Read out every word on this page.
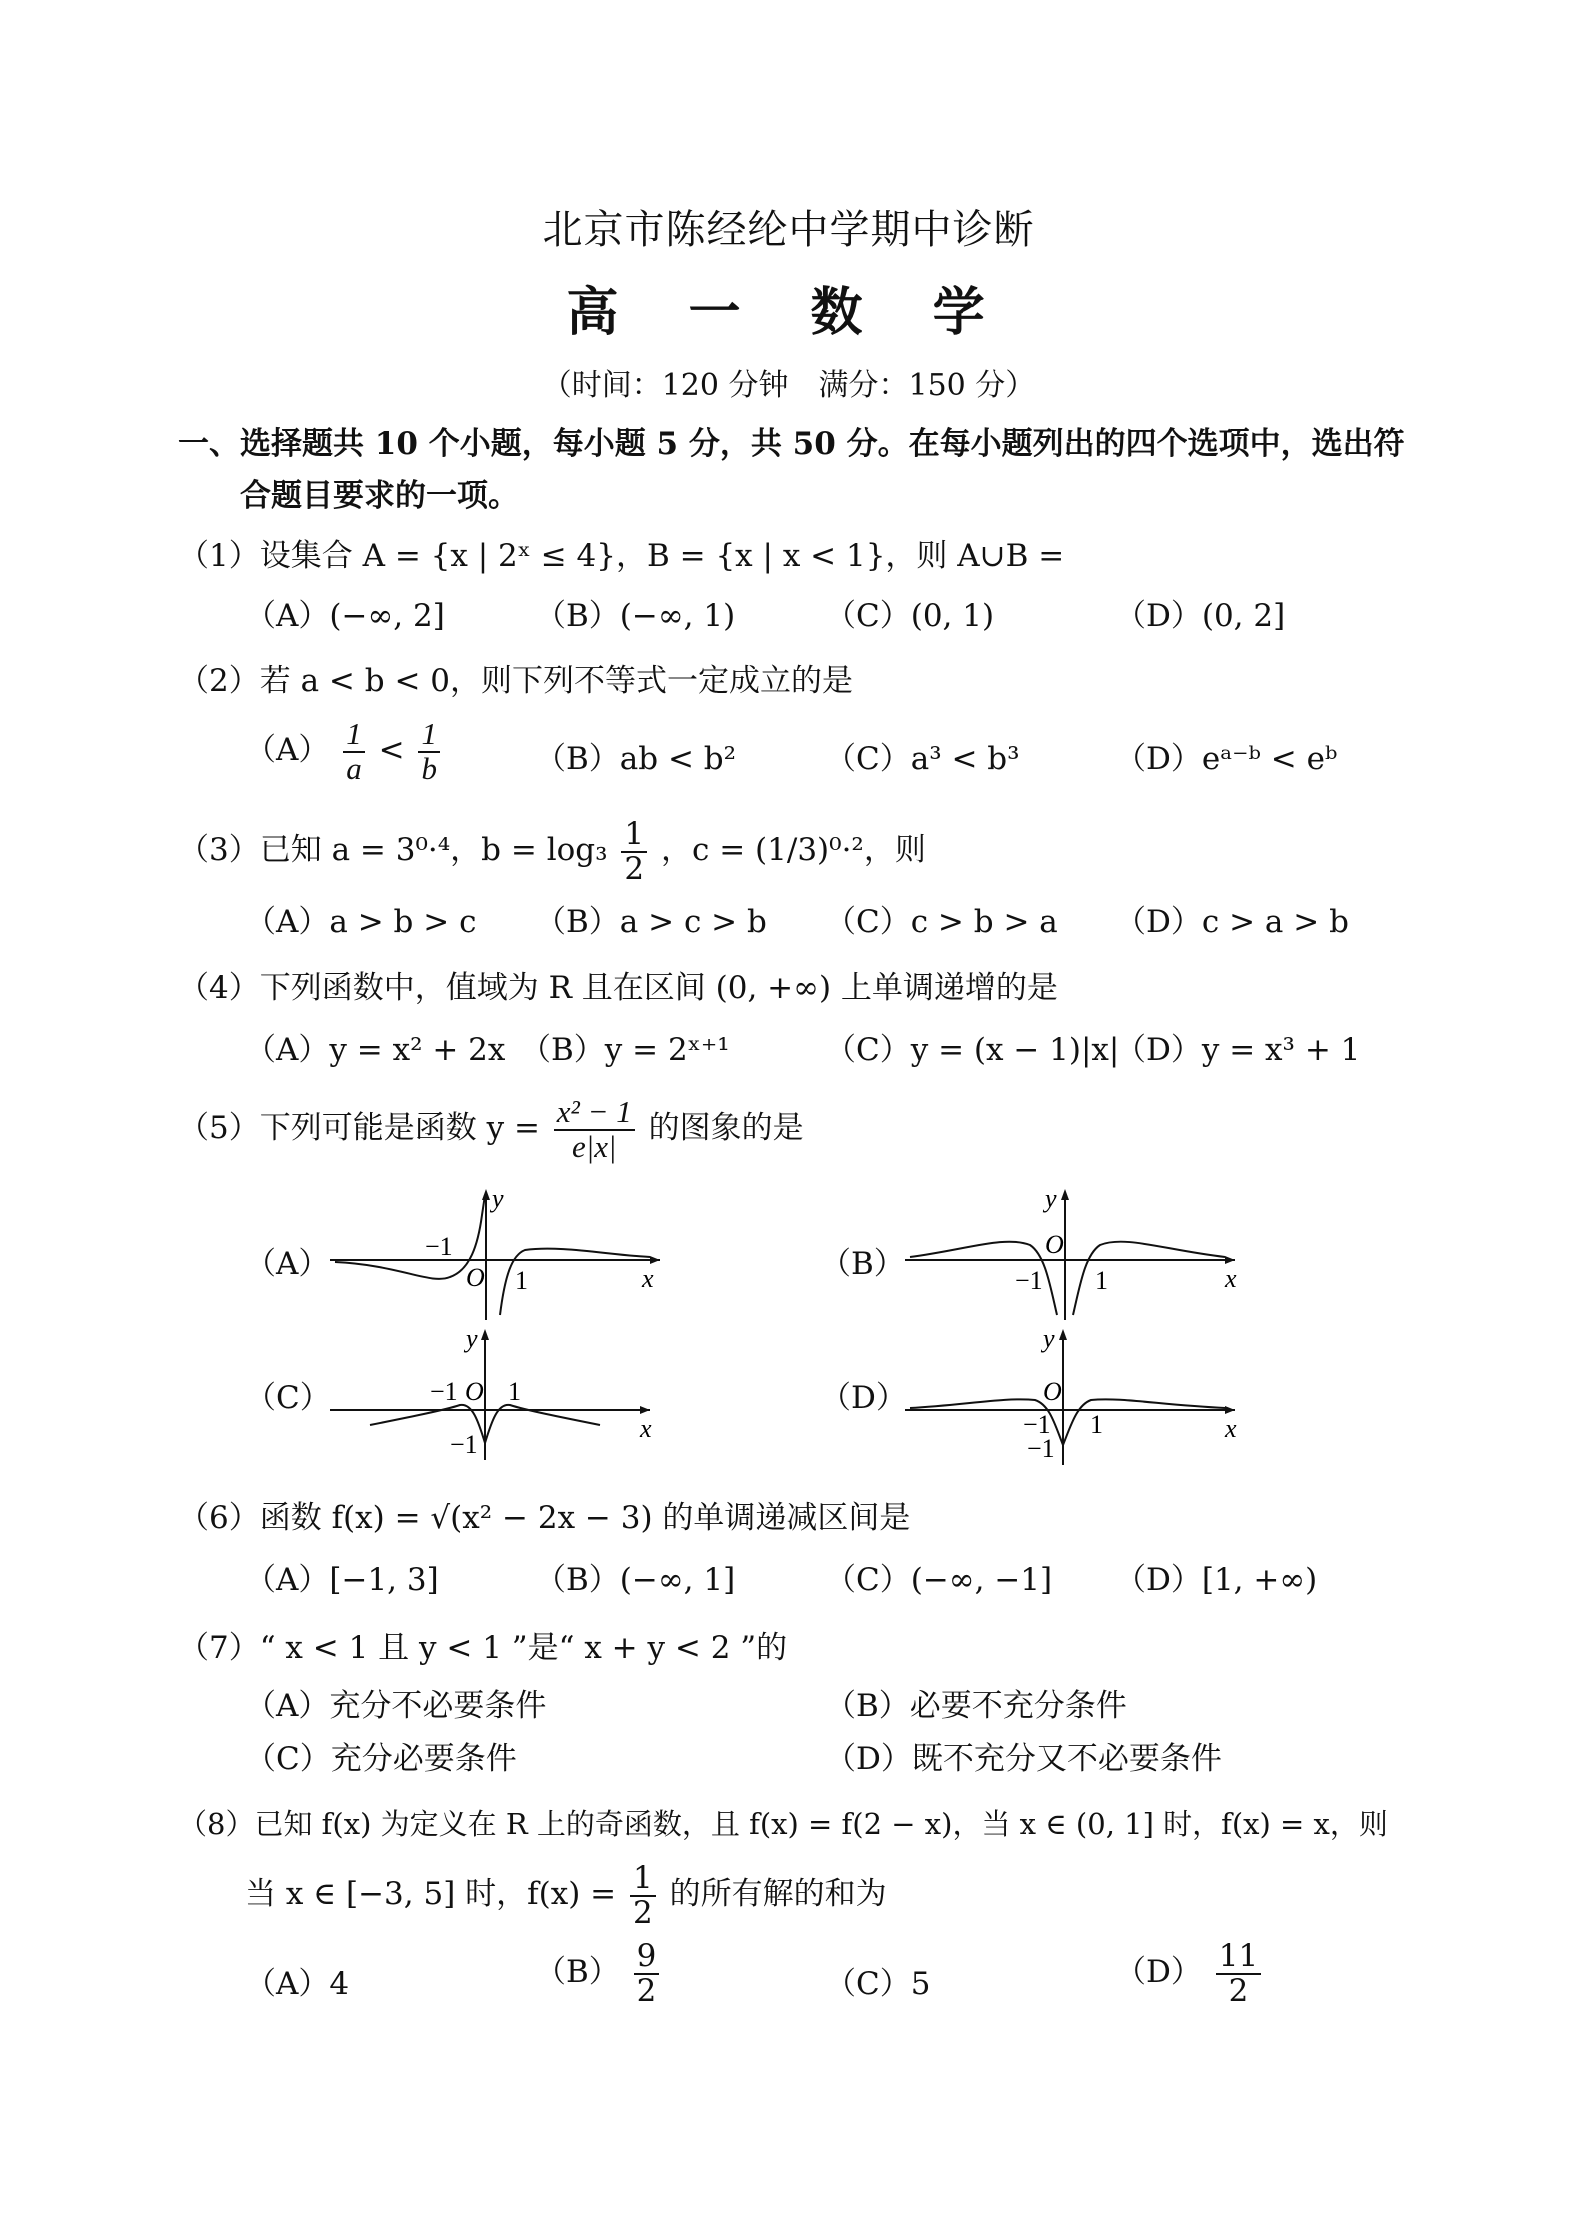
北京市陈经纶中学期中诊断
高 一 数 学
（时间：120 分钟　满分：150 分）
一、选择题共 10 个小题，每小题 5 分，共 50 分。在每小题列出的四个选项中，选出符
合题目要求的一项。
（1）设集合 A = {x | 2ˣ ≤ 4}，B = {x | x < 1}，则 A∪B =
（A）(−∞, 2]	（B）(−∞, 1)	（C）(0, 1)	（D）(0, 2]
（2）若 a < b < 0，则下列不等式一定成立的是
$(A) \frac{1}{a} < \frac{1}{b}$	（B）ab < b²	（C）a³ < b³	（D）eᵃ⁻ᵇ < eᵇ
（3）已知 a = 3⁰·⁴，$b = \log_3 \frac{1}{2}$ ，c = (1/3)⁰·²，则
（A）a > b > c （B）a > c > b （C）c > b > a （D）c > a > b
（4）下列函数中，值域为 R 且在区间 (0, +∞) 上单调递增的是
（A）y = x² + 2x （B）y = 2ˣ⁺¹	（C）y = (x − 1)|x|
（D）y = x³ + 1
（5）下列可能是函数 $y = \frac{\text{x² − 1}}{e|x|}$ 的图象的是
（A）	（B）
（C）	（D）
y
x
O
−1
1
y
x
O
−1 1
y
x
O
−1 1
−1
y
x
O
−1 1
−1
（6）函数 f(x) = √(x² − 2x − 3) 的单调递减区间是
（A）[−1, 3]	（B）(−∞, 1]	（C）(−∞, −1] （D）[1, +∞)
（7）“ x < 1 且 y < 1 ”是“ x + y < 2 ”的
（A）充分不必要条件	（B）必要不充分条件
（C）充分必要条件	（D）既不充分又不必要条件
（8）已知 f(x) 为定义在 R 上的奇函数，且 f(x) = f(2 − x)，当 x ∈ (0, 1] 时，f(x) = x，则
当 x ∈ [−3, 5] 时，$f(x) = \frac{1}{2}$ 的所有解的和为
（A）4	$(B) \frac{9}{2}$	（C）5	$(D) \frac{11}{2}$
